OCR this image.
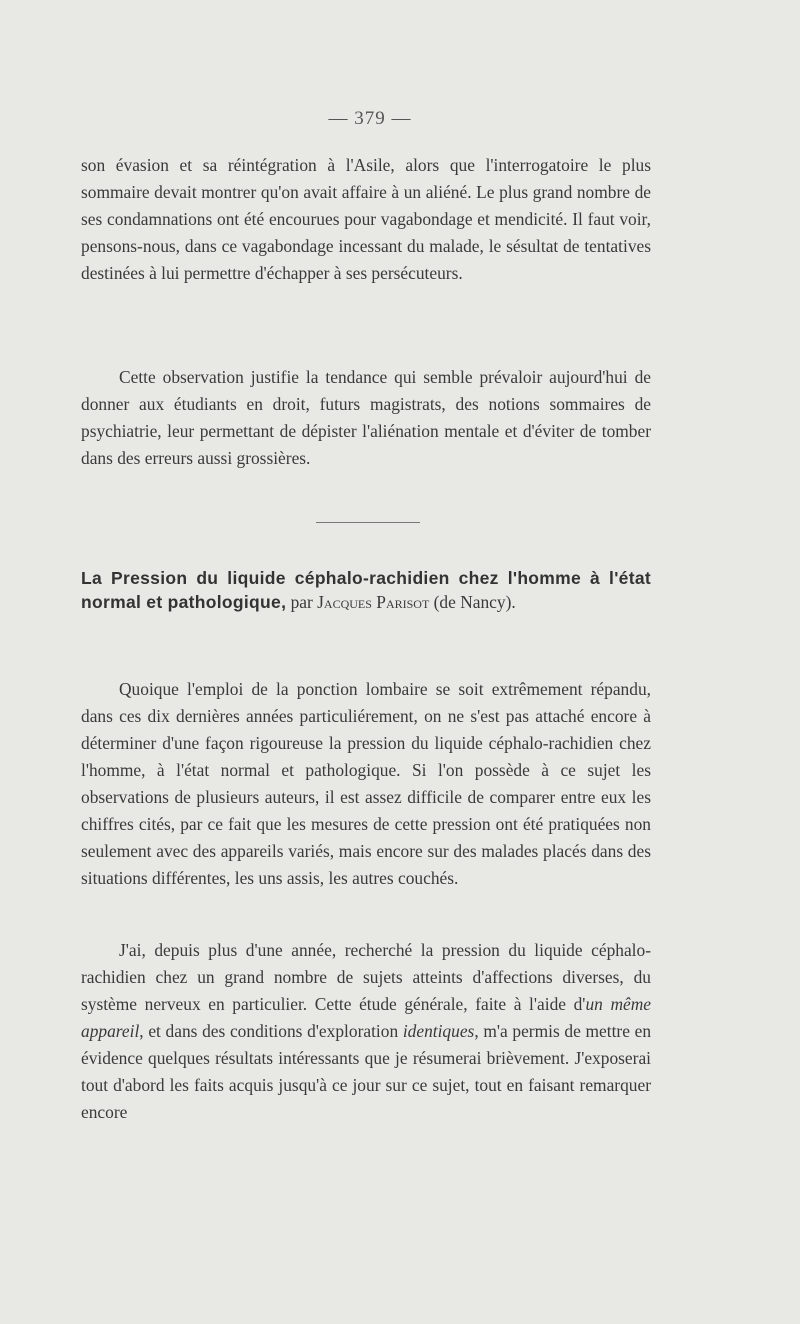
— 379 —

son évasion et sa réintégration à l'Asile, alors que l'interrogatoire le plus sommaire devait montrer qu'on avait affaire à un aliéné. Le plus grand nombre de ses condamnations ont été encourues pour vagabondage et mendicité. Il faut voir, pensons-nous, dans ce vagabondage incessant du malade, le sésultat de tentatives destinées à lui permettre d'échapper à ses persécuteurs.

Cette observation justifie la tendance qui semble prévaloir aujourd'hui de donner aux étudiants en droit, futurs magistrats, des notions sommaires de psychiatrie, leur permettant de dépister l'aliénation mentale et d'éviter de tomber dans des erreurs aussi grossières.

La Pression du liquide céphalo-rachidien chez l'homme à l'état normal et pathologique, par Jacques Parisot (de Nancy).

Quoique l'emploi de la ponction lombaire se soit extrêmement répandu, dans ces dix dernières années particuliérement, on ne s'est pas attaché encore à déterminer d'une façon rigoureuse la pression du liquide céphalo-rachidien chez l'homme, à l'état normal et pathologique. Si l'on possède à ce sujet les observations de plusieurs auteurs, il est assez difficile de comparer entre eux les chiffres cités, par ce fait que les mesures de cette pression ont été pratiquées non seulement avec des appareils variés, mais encore sur des malades placés dans des situations différentes, les uns assis, les autres couchés.

J'ai, depuis plus d'une année, recherché la pression du liquide céphalo-rachidien chez un grand nombre de sujets atteints d'affections diverses, du système nerveux en particulier. Cette étude générale, faite à l'aide d'un même appareil, et dans des conditions d'exploration identiques, m'a permis de mettre en évidence quelques résultats intéressants que je résumerai brièvement. J'exposerai tout d'abord les faits acquis jusqu'à ce jour sur ce sujet, tout en faisant remarquer encore
